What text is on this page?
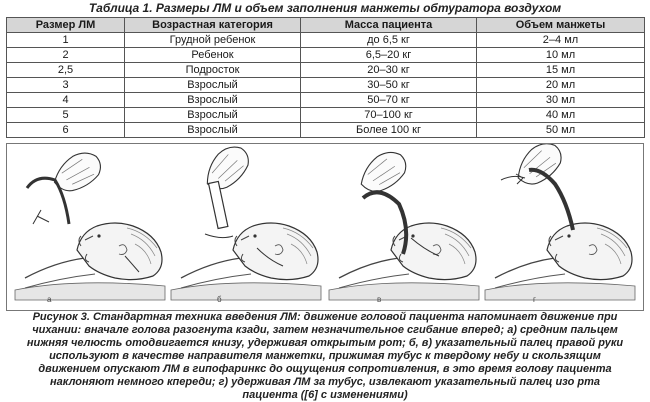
Таблица 1. Размеры ЛМ и объем заполнения манжеты обтуратора воздухом
Размер ЛМ	Возрастная категория	Масса пациента	Объем манжеты
1	Грудной ребенок	до 6,5 кг	2–4 мл
2	Ребенок	6,5–20 кг	10 мл
2,5	Подросток	20–30 кг	15 мл
3	Взрослый	30–50 кг	20 мл
4	Взрослый	50–70 кг	30 мл
5	Взрослый	70–100 кг	40 мл
6	Взрослый	Более 100 кг	50 мл
а	б	в	г
Рисунок 3. Стандартная техника введения ЛМ: движение головой пациента напоминает движение при
чихании: вначале голова разогнута кзади, затем незначительное сгибание вперед; а) средним пальцем
нижняя челюсть отодвигается книзу, удерживая открытым рот; б, в) указательный палец правой руки
используют в качестве направителя манжетки, прижимая тубус к твердому небу и скользящим
движением опускают ЛМ в гипофаринкс до ощущения сопротивления, в это время голову пациента
наклоняют немного кпереди; г) удерживая ЛМ за тубус, извлекают указательный палец изо рта
пациента ([6] с изменениями)
